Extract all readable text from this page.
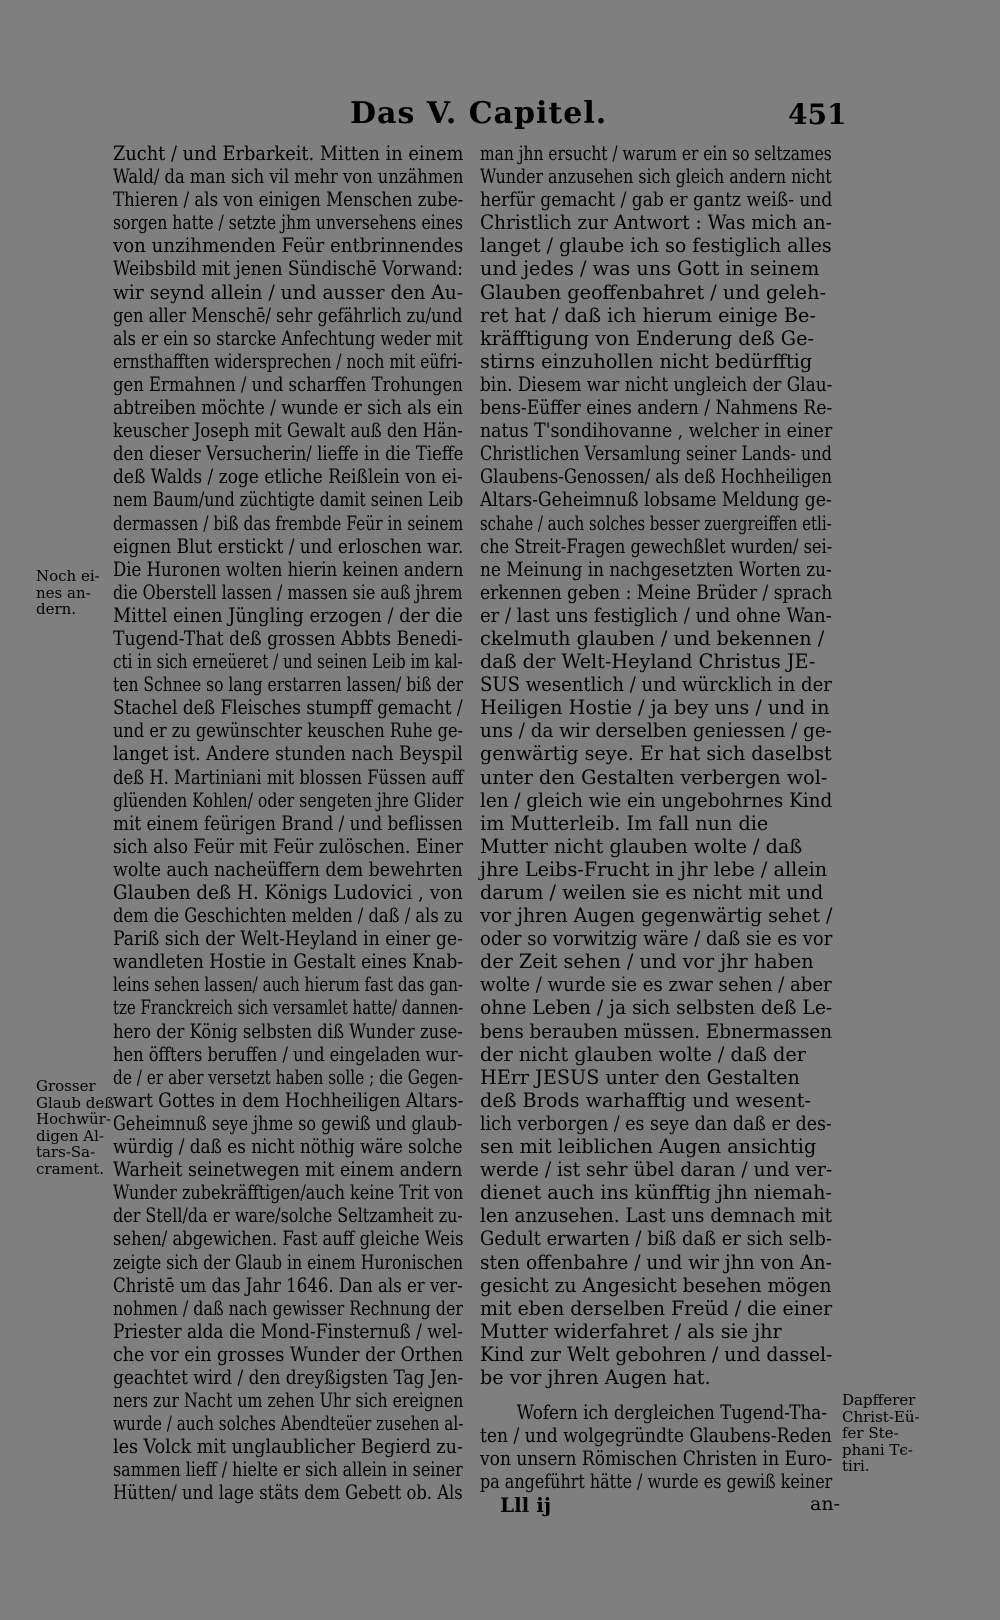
Das V. Capitel.	451
Zucht / und Erbarkeit. Mitten in einem
Wald/ da man sich vil mehr von unzähmen
Thieren / als von einigen Menschen zube-
sorgen hatte / setzte jhm unversehens eines
von unzihmenden Feür entbrinnendes
Weibsbild mit jenen Sündischē Vorwand:
wir seynd allein / und ausser den Au-
gen aller Menschē/ sehr gefährlich zu/und
als er ein so starcke Anfechtung weder mit
ernsthafften widersprechen / noch mit eüfri-
gen Ermahnen / und scharffen Trohungen
abtreiben möchte / wunde er sich als ein
keuscher Joseph mit Gewalt auß den Hän-
den dieser Versucherin/ lieffe in die Tieffe
deß Walds / zoge etliche Reißlein von ei-
nem Baum/und züchtigte damit seinen Leib
dermassen / biß das frembde Feür in seinem
eignen Blut erstickt / und erloschen war.
Die Huronen wolten hierin keinen andern
die Oberstell lassen / massen sie auß jhrem
Mittel einen Jüngling erzogen / der die
Tugend-That deß grossen Abbts Benedi-
cti in sich erneüeret / und seinen Leib im kal-
ten Schnee so lang erstarren lassen/ biß der
Stachel deß Fleisches stumpff gemacht /
und er zu gewünschter keuschen Ruhe ge-
langet ist. Andere stunden nach Beyspil
deß H. Martiniani mit blossen Füssen auff
glüenden Kohlen/ oder sengeten jhre Glider
mit einem feürigen Brand / und beflissen
sich also Feür mit Feür zulöschen. Einer
wolte auch nacheüffern dem bewehrten
Glauben deß H. Königs Ludovici , von
dem die Geschichten melden / daß / als zu
Pariß sich der Welt-Heyland in einer ge-
wandleten Hostie in Gestalt eines Knab-
leins sehen lassen/ auch hierum fast das gan-
tze Franckreich sich versamlet hatte/ dannen-
hero der König selbsten diß Wunder zuse-
hen öffters beruffen / und eingeladen wur-
de / er aber versetzt haben solle ; die Gegen-
wart Gottes in dem Hochheiligen Altars-
Geheimnuß seye jhme so gewiß und glaub-
würdig / daß es nicht nöthig wäre solche
Warheit seinetwegen mit einem andern
Wunder zubekräfftigen/auch keine Trit von
der Stell/da er ware/solche Seltzamheit zu-
sehen/ abgewichen. Fast auff gleiche Weis
zeigte sich der Glaub in einem Huronischen
Christē um das Jahr 1646. Dan als er ver-
nohmen / daß nach gewisser Rechnung der
Priester alda die Mond-Finsternuß / wel-
che vor ein grosses Wunder der Orthen
geachtet wird / den dreyßigsten Tag Jen-
ners zur Nacht um zehen Uhr sich ereignen
wurde / auch solches Abendteüer zusehen al-
les Volck mit unglaublicher Begierd zu-
sammen lieff / hielte er sich allein in seiner
Hütten/ und lage stäts dem Gebett ob. Als
man jhn ersucht / warum er ein so seltzames
Wunder anzusehen sich gleich andern nicht
herfür gemacht / gab er gantz weiß- und
Christlich zur Antwort : Was mich an-
langet / glaube ich so festiglich alles
und jedes / was uns Gott in seinem
Glauben geoffenbahret / und geleh-
ret hat / daß ich hierum einige Be-
kräfftigung von Enderung deß Ge-
stirns einzuhollen nicht bedürfftig
bin. Diesem war nicht ungleich der Glau-
bens-Eüffer eines andern / Nahmens Re-
natus T'sondihovanne , welcher in einer
Christlichen Versamlung seiner Lands- und
Glaubens-Genossen/ als deß Hochheiligen
Altars-Geheimnuß lobsame Meldung ge-
schahe / auch solches besser zuergreiffen etli-
che Streit-Fragen gewechßlet wurden/ sei-
ne Meinung in nachgesetzten Worten zu-
erkennen geben : Meine Brüder / sprach
er / last uns festiglich / und ohne Wan-
ckelmuth glauben / und bekennen /
daß der Welt-Heyland Christus JE-
SUS wesentlich / und würcklich in der
Heiligen Hostie / ja bey uns / und in
uns / da wir derselben geniessen / ge-
genwärtig seye. Er hat sich daselbst
unter den Gestalten verbergen wol-
len / gleich wie ein ungebohrnes Kind
im Mutterleib. Im fall nun die
Mutter nicht glauben wolte / daß
jhre Leibs-Frucht in jhr lebe / allein
darum / weilen sie es nicht mit und
vor jhren Augen gegenwärtig sehet /
oder so vorwitzig wäre / daß sie es vor
der Zeit sehen / und vor jhr haben
wolte / wurde sie es zwar sehen / aber
ohne Leben / ja sich selbsten deß Le-
bens berauben müssen. Ebnermassen
der nicht glauben wolte / daß der
HErr JESUS unter den Gestalten
deß Brods warhafftig und wesent-
lich verborgen / es seye dan daß er des-
sen mit leiblichen Augen ansichtig
werde / ist sehr übel daran / und ver-
dienet auch ins künfftig jhn niemah-
len anzusehen. Last uns demnach mit
Gedult erwarten / biß daß er sich selb-
sten offenbahre / und wir jhn von An-
gesicht zu Angesicht besehen mögen
mit eben derselben Freüd / die einer
Mutter widerfahret / als sie jhr
Kind zur Welt gebohren / und dassel-
be vor jhren Augen hat.
Wofern ich dergleichen Tugend-Tha-
ten / und wolgegründte Glaubens-Reden
von unsern Römischen Christen in Euro-
pa angeführt hätte / wurde es gewiß keiner
Noch ei-
nes an-
dern.
Grosser
Glaub deß
Hochwür-
digen Al-
tars-Sa-
crament.
Dapfferer
Christ-Eü-
fer Ste-
phani Tє-
tiri.
Lll ij	an-
